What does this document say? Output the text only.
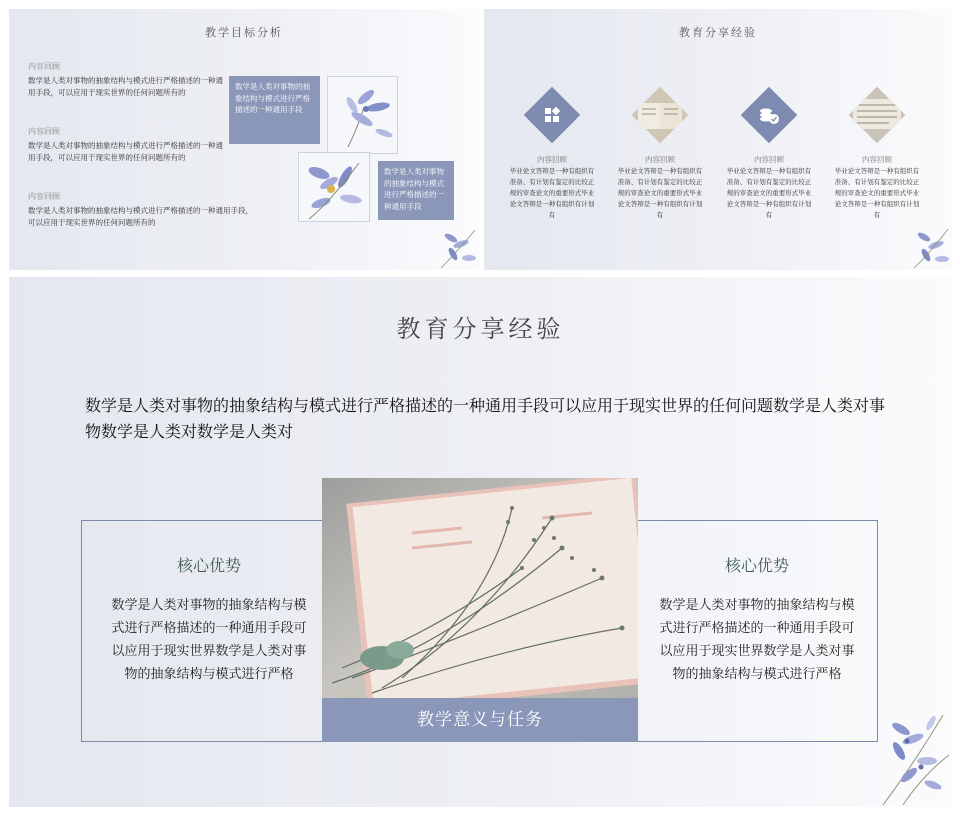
教学目标分析
内容回顾
数学是人类对事物的抽象结构与模式进行严格描述的一种通用手段，可以应用于现实世界的任何问题所有的
内容回顾
数学是人类对事物的抽象结构与模式进行严格描述的一种通用手段，可以应用于现实世界的任何问题所有的
内容回顾
数学是人类对事物的抽象结构与模式进行严格描述的一种通用手段，可以应用于现实世界的任何问题所有的
数学是人类对事物的抽象结构与模式进行严格描述的一种通用手段
数学是人类对事物的抽象结构与模式进行严格描述的一种通用手段
教育分享经验
内容回顾
毕业论文答辩是一种有组织有准备、有计划有鉴定的比较正规的审查论文的重要形式毕业论文答辩是一种有组织有计划有
内容回顾
毕业论文答辩是一种有组织有准备、有计划有鉴定的比较正规的审查论文的重要形式毕业论文答辩是一种有组织有计划有
内容回顾
毕业论文答辩是一种有组织有准备、有计划有鉴定的比较正规的审查论文的重要形式毕业论文答辩是一种有组织有计划有
内容回顾
毕业论文答辩是一种有组织有准备、有计划有鉴定的比较正规的审查论文的重要形式毕业论文答辩是一种有组织有计划有
教育分享经验
数学是人类对事物的抽象结构与模式进行严格描述的一种通用手段可以应用于现实世界的任何问题数学是人类对事物数学是人类对数学是人类对
核心优势
数学是人类对事物的抽象结构与模式进行严格描述的一种通用手段可以应用于现实世界数学是人类对事物的抽象结构与模式进行严格
核心优势
数学是人类对事物的抽象结构与模式进行严格描述的一种通用手段可以应用于现实世界数学是人类对事物的抽象结构与模式进行严格
教学意义与任务
